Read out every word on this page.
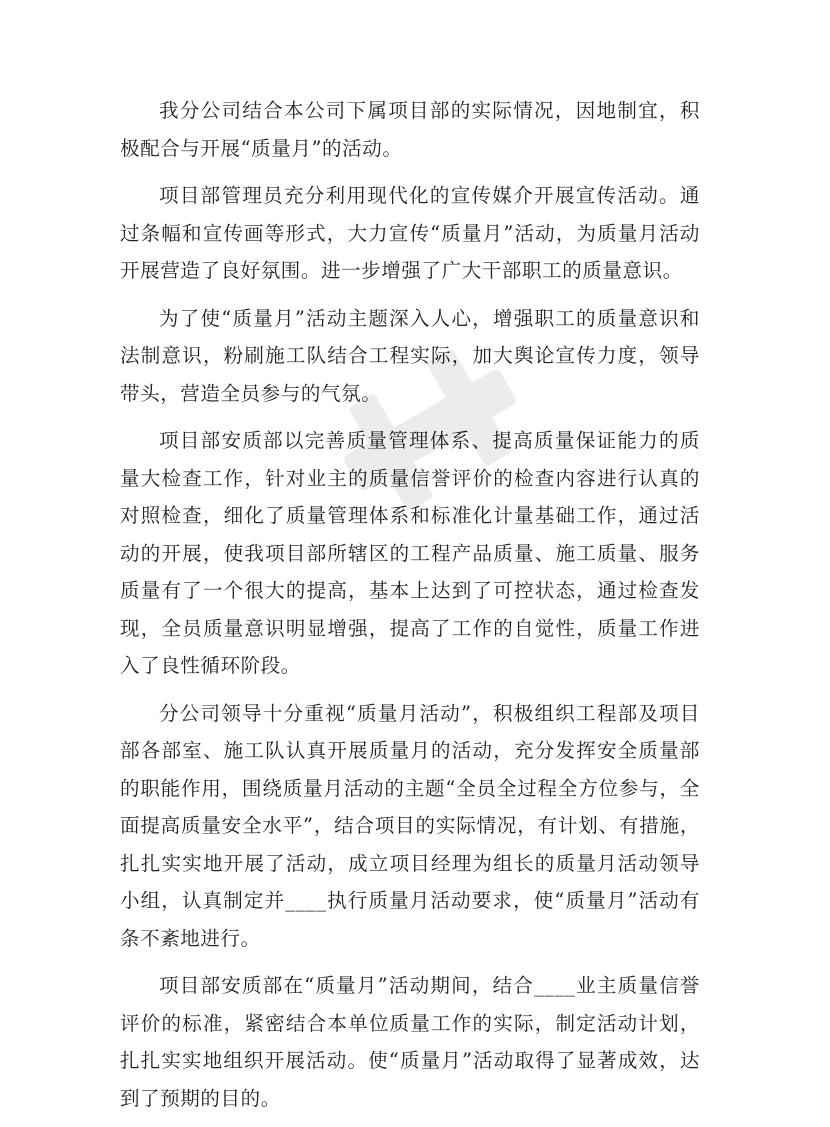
我分公司结合本公司下属项目部的实际情况，因地制宜，积极配合与开展“质量月”的活动。

项目部管理员充分利用现代化的宣传媒介开展宣传活动。通过条幅和宣传画等形式，大力宣传“质量月”活动，为质量月活动开展营造了良好氛围。进一步增强了广大干部职工的质量意识。

为了使“质量月”活动主题深入人心，增强职工的质量意识和法制意识，粉刷施工队结合工程实际，加大舆论宣传力度，领导带头，营造全员参与的气氛。

项目部安质部以完善质量管理体系、提高质量保证能力的质量大检查工作，针对业主的质量信誉评价的检查内容进行认真的对照检查，细化了质量管理体系和标准化计量基础工作，通过活动的开展，使我项目部所辖区的工程产品质量、施工质量、服务质量有了一个很大的提高，基本上达到了可控状态，通过检查发现，全员质量意识明显增强，提高了工作的自觉性，质量工作进入了良性循环阶段。

分公司领导十分重视“质量月活动”，积极组织工程部及项目部各部室、施工队认真开展质量月的活动，充分发挥安全质量部的职能作用，围绕质量月活动的主题“全员全过程全方位参与，全面提高质量安全水平”，结合项目的实际情况，有计划、有措施，扎扎实实地开展了活动，成立项目经理为组长的质量月活动领导小组，认真制定并____执行质量月活动要求，使“质量月”活动有条不紊地进行。

项目部安质部在“质量月”活动期间，结合____业主质量信誉评价的标准，紧密结合本单位质量工作的实际，制定活动计划，扎扎实实地组织开展活动。使“质量月”活动取得了显著成效，达到了预期的目的。
